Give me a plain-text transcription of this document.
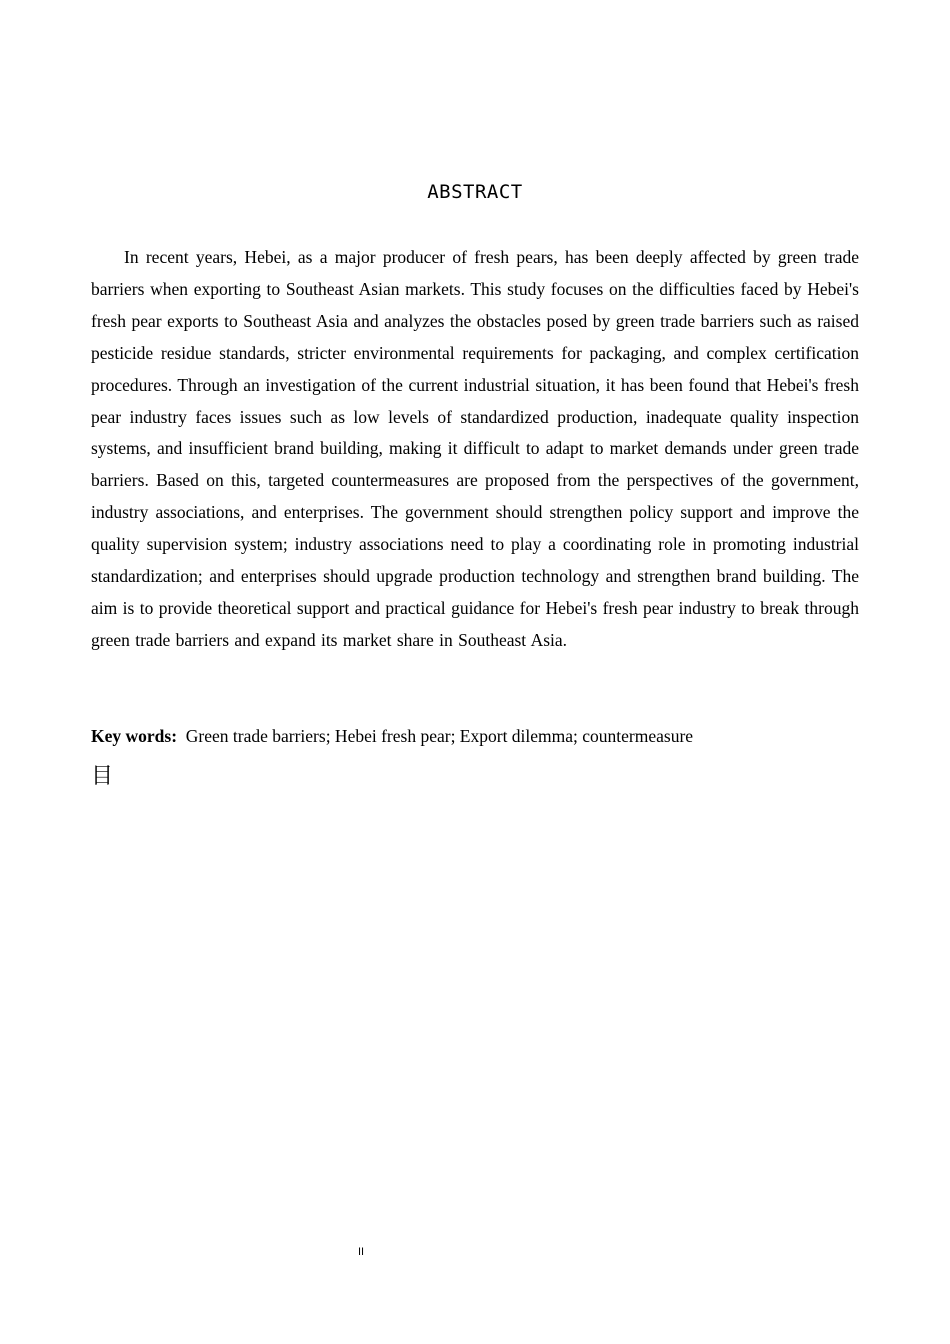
ABSTRACT

In recent years, Hebei, as a major producer of fresh pears, has been deeply affected by green trade barriers when exporting to Southeast Asian markets. This study focuses on the difficulties faced by Hebei's fresh pear exports to Southeast Asia and analyzes the obstacles posed by green trade barriers such as raised pesticide residue standards, stricter environmental requirements for packaging, and complex certification procedures. Through an investigation of the current industrial situation, it has been found that Hebei's fresh pear industry faces issues such as low levels of standardized production, inadequate quality inspection systems, and insufficient brand building, making it difficult to adapt to market demands under green trade barriers. Based on this, targeted countermeasures are proposed from the perspectives of the government, industry associations, and enterprises. The government should strengthen policy support and improve the quality supervision system; industry associations need to play a coordinating role in promoting industrial standardization; and enterprises should upgrade production technology and strengthen brand building. The aim is to provide theoretical support and practical guidance for Hebei's fresh pear industry to break through green trade barriers and expand its market share in Southeast Asia.

Key words: Green trade barriers; Hebei fresh pear; Export dilemma; countermeasure

目
II
